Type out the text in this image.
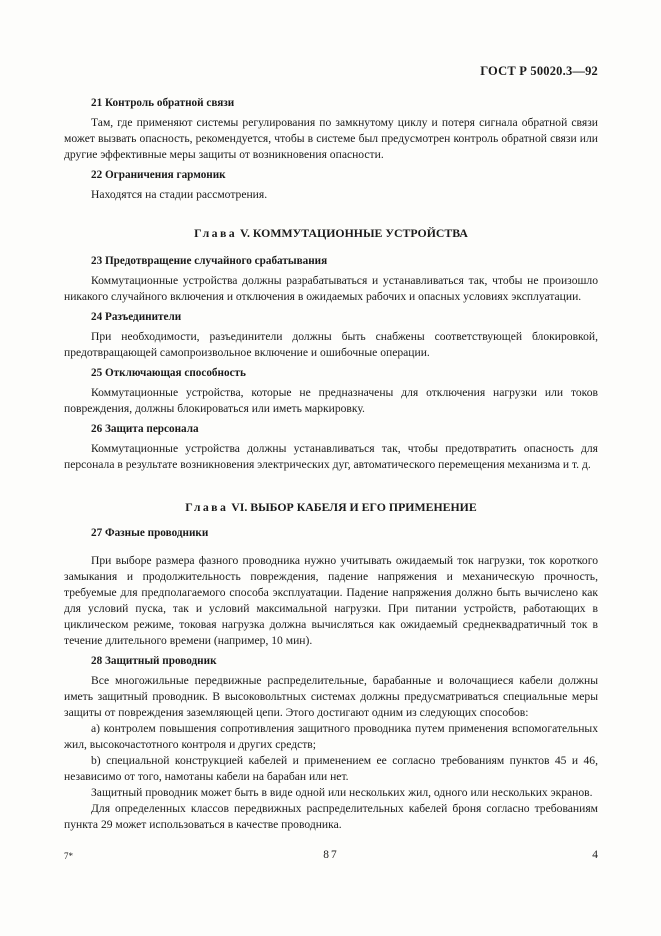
ГОСТ Р 50020.3—92

21 Контроль обратной связи

Там, где применяют системы регулирования по замкнутому циклу и потеря сигнала обратной связи может вызвать опасность, рекомендуется, чтобы в системе был предусмотрен контроль обратной связи или другие эффективные меры защиты от возникновения опасности.

22 Ограничения гармоник

Находятся на стадии рассмотрения.

Глава V. КОММУТАЦИОННЫЕ УСТРОЙСТВА

23 Предотвращение случайного срабатывания

Коммутационные устройства должны разрабатываться и устанавливаться так, чтобы не произошло никакого случайного включения и отключения в ожидаемых рабочих и опасных условиях эксплуатации.

24 Разъединители

При необходимости, разъединители должны быть снабжены соответствующей блокировкой, предотвращающей самопроизвольное включение и ошибочные операции.

25 Отключающая способность

Коммутационные устройства, которые не предназначены для отключения нагрузки или токов повреждения, должны блокироваться или иметь маркировку.

26 Защита персонала

Коммутационные устройства должны устанавливаться так, чтобы предотвратить опасность для персонала в результате возникновения электрических дуг, автоматического перемещения механизма и т. д.

Глава VI. ВЫБОР КАБЕЛЯ И ЕГО ПРИМЕНЕНИЕ

27 Фазные проводники

При выборе размера фазного проводника нужно учитывать ожидаемый ток нагрузки, ток короткого замыкания и продолжительность повреждения, падение напряжения и механическую прочность, требуемые для предполагаемого способа эксплуатации. Падение напряжения должно быть вычислено как для условий пуска, так и условий максимальной нагрузки. При питании устройств, работающих в циклическом режиме, токовая нагрузка должна вычисляться как ожидаемый среднеквадратичный ток в течение длительного времени (например, 10 мин).

28 Защитный проводник

Все многожильные передвижные распределительные, барабанные и волочащиеся кабели должны иметь защитный проводник. В высоковольтных системах должны предусматриваться специальные меры защиты от повреждения заземляющей цепи. Этого достигают одним из следующих способов:

а) контролем повышения сопротивления защитного проводника путем применения вспомогательных жил, высокочастотного контроля и других средств;

b) специальной конструкцией кабелей и применением ее согласно требованиям пунктов 45 и 46, независимо от того, намотаны кабели на барабан или нет.

Защитный проводник может быть в виде одной или нескольких жил, одного или нескольких экранов.

Для определенных классов передвижных распределительных кабелей броня согласно требованиям пункта 29 может использоваться в качестве проводника.

7*	87	4
